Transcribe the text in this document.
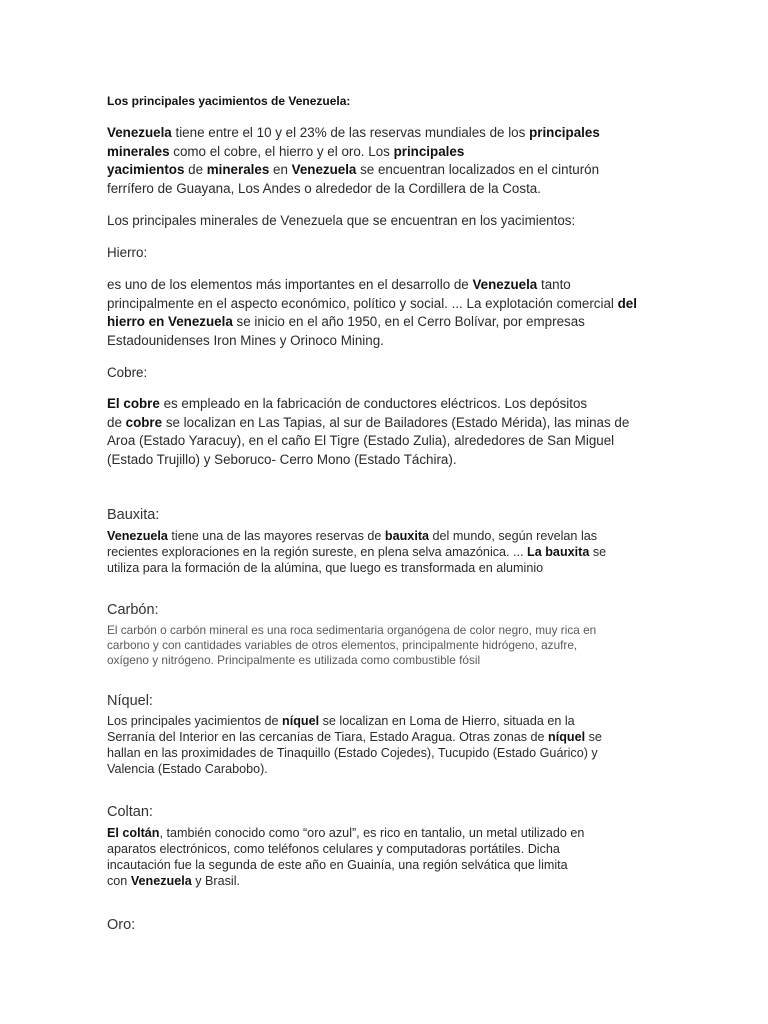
Los principales yacimientos de Venezuela:
Venezuela tiene entre el 10 y el 23% de las reservas mundiales de los principales
minerales como el cobre, el hierro y el oro. Los principales
yacimientos de minerales en Venezuela se encuentran localizados en el cinturón
ferrífero de Guayana, Los Andes o alrededor de la Cordillera de la Costa.

Los principales minerales de Venezuela que se encuentran en los yacimientos:

Hierro:

es uno de los elementos más importantes en el desarrollo de Venezuela tanto
principalmente en el aspecto económico, político y social. ... La explotación comercial del
hierro en Venezuela se inicio en el año 1950, en el Cerro Bolívar, por empresas
Estadounidenses Iron Mines y Orinoco Mining.

Cobre:

El cobre es empleado en la fabricación de conductores eléctricos. Los depósitos
de cobre se localizan en Las Tapias, al sur de Bailadores (Estado Mérida), las minas de
Aroa (Estado Yaracuy), en el caño El Tigre (Estado Zulia), alrededores de San Miguel
(Estado Trujillo) y Seboruco- Cerro Mono (Estado Táchira).

Bauxita:

Venezuela tiene una de las mayores reservas de bauxita del mundo, según revelan las
recientes exploraciones en la región sureste, en plena selva amazónica. ... La bauxita se
utiliza para la formación de la alúmina, que luego es transformada en aluminio

Carbón:

El carbón o carbón mineral es una roca sedimentaria organógena de color negro, muy rica en
carbono y con cantidades variables de otros elementos, principalmente hidrógeno, azufre,
oxígeno y nitrógeno. Principalmente es utilizada como combustible fósil

Níquel:

Los principales yacimientos de níquel se localizan en Loma de Hierro, situada en la
Serranía del Interior en las cercanías de Tiara, Estado Aragua. Otras zonas de níquel se
hallan en las proximidades de Tinaquillo (Estado Cojedes), Tucupido (Estado Guárico) y
Valencia (Estado Carabobo).

Coltan:

El coltán, también conocido como “oro azul”, es rico en tantalio, un metal utilizado en
aparatos electrónicos, como teléfonos celulares y computadoras portátiles. Dicha
incautación fue la segunda de este año en Guainía, una región selvática que limita
con Venezuela y Brasil.

Oro:
